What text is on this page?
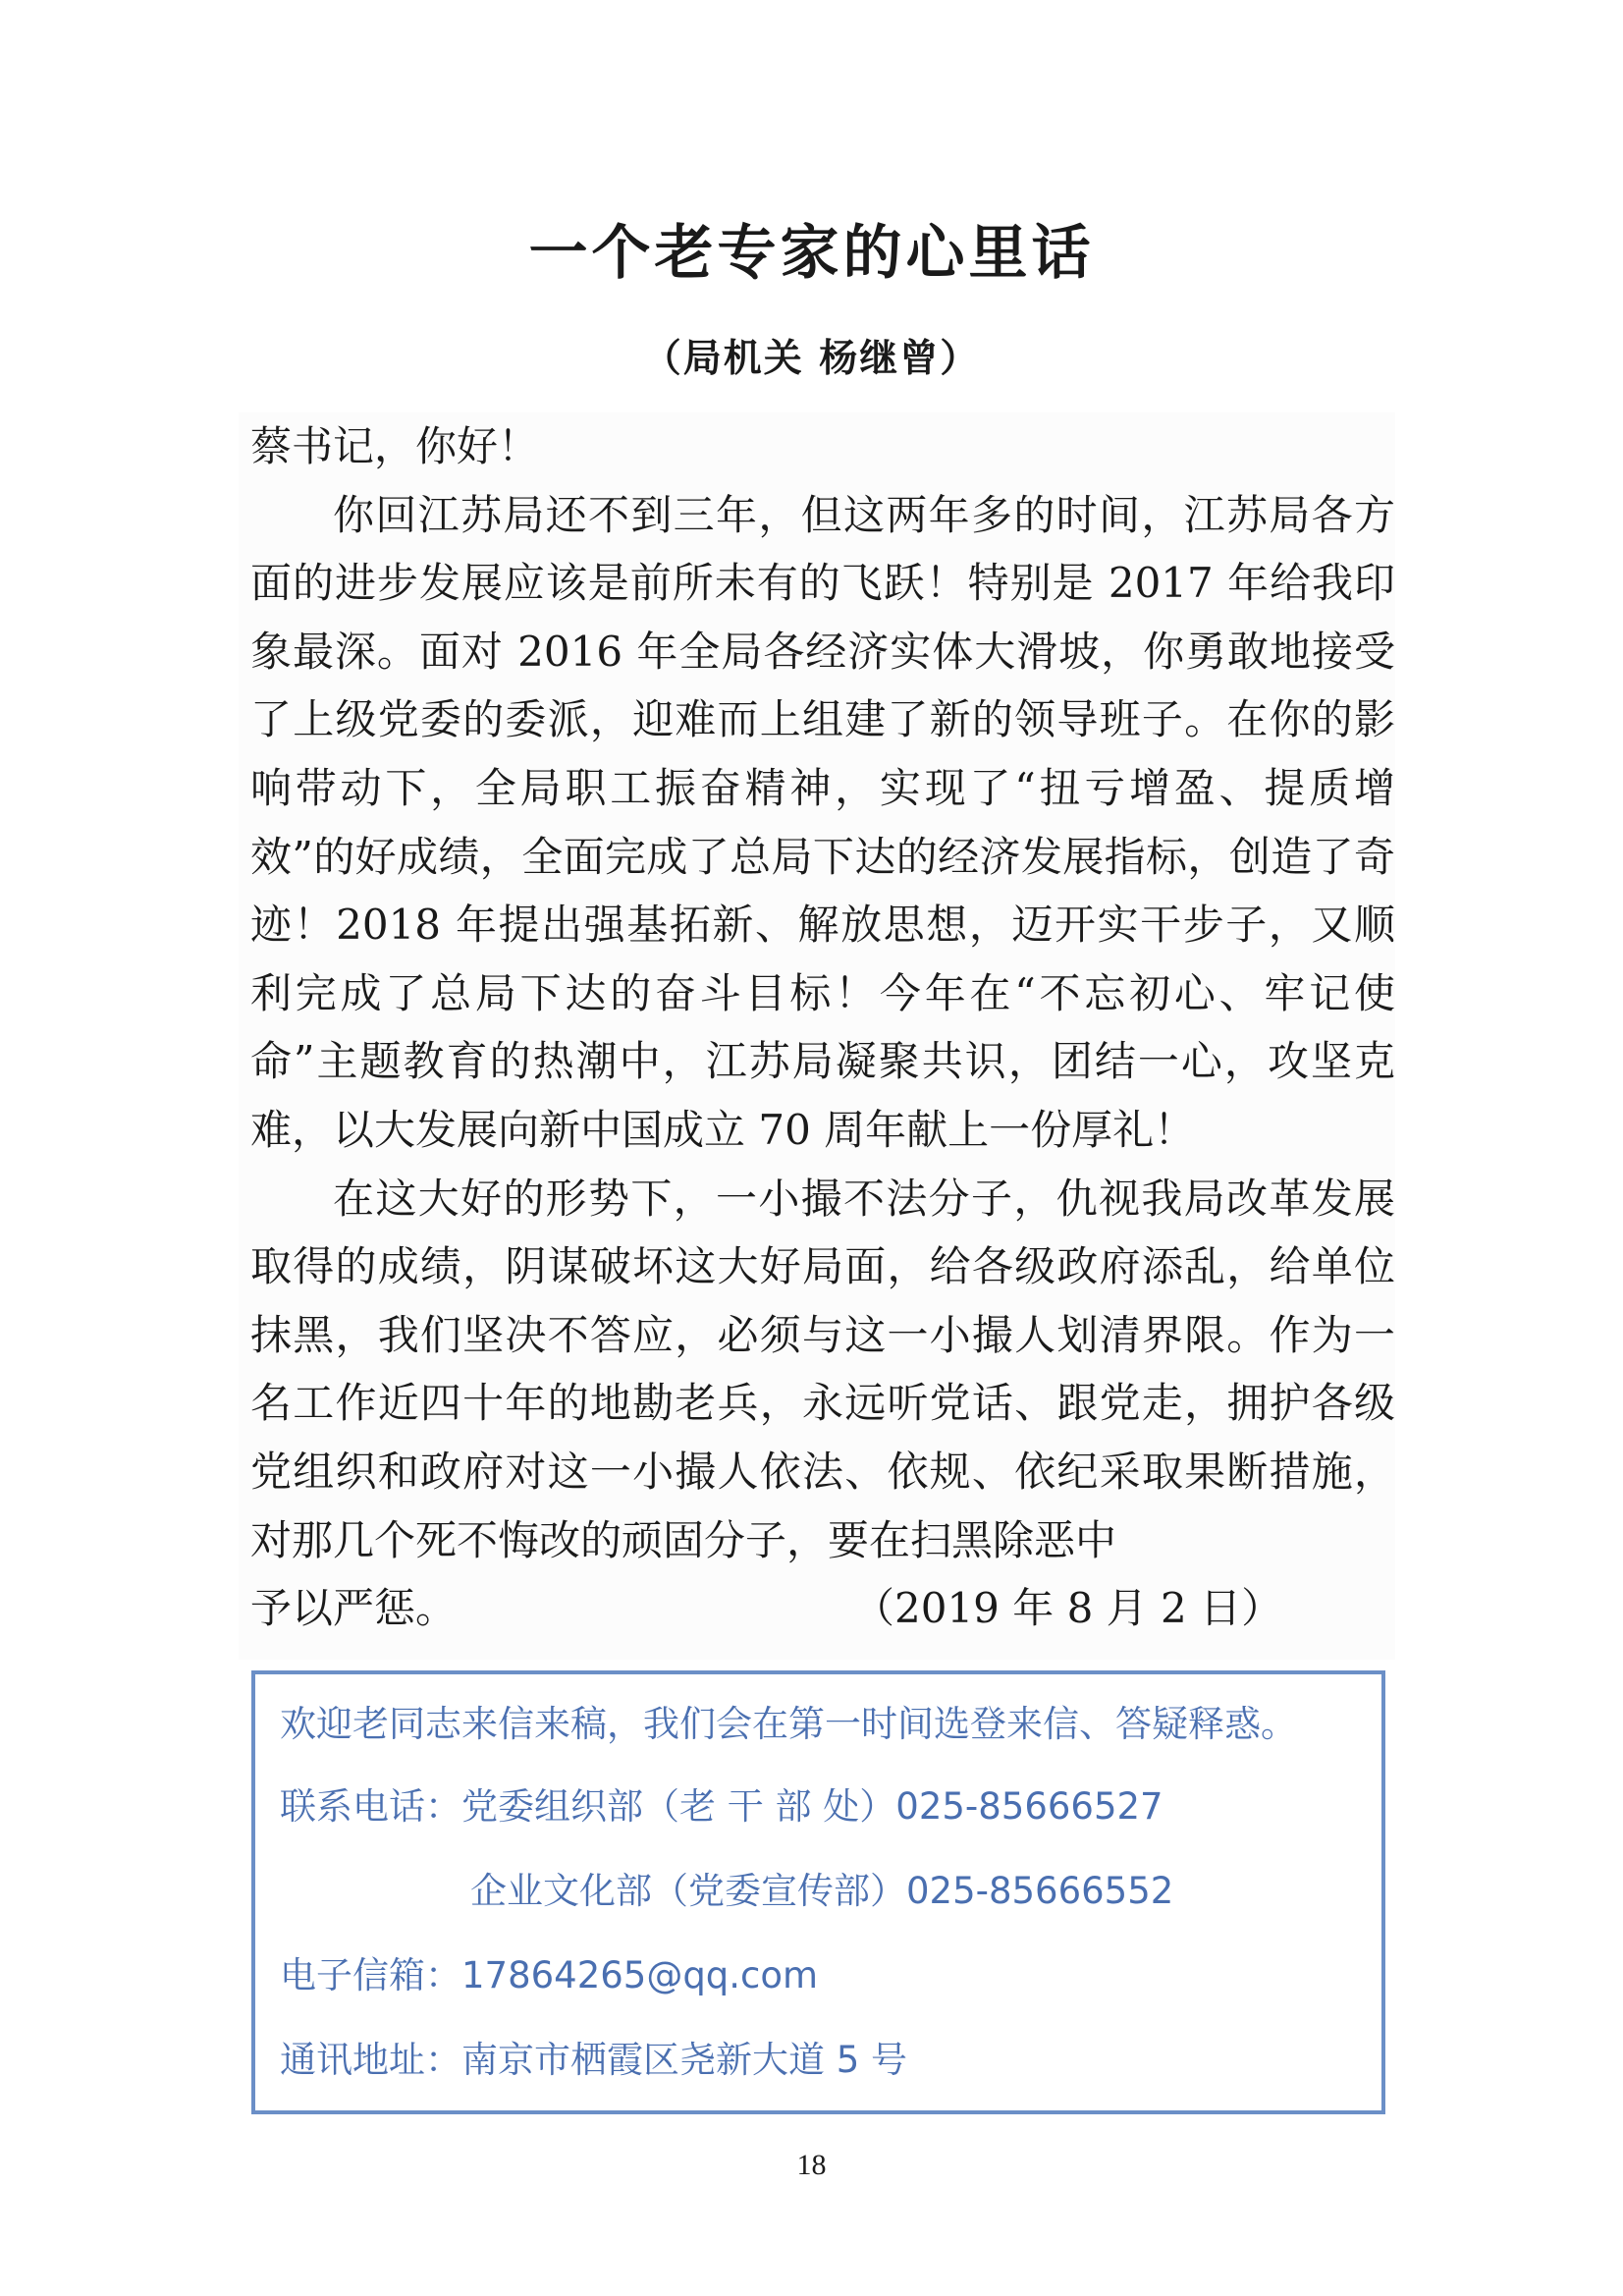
一个老专家的心里话
（局机关 杨继曾）

蔡书记，你好！

你回江苏局还不到三年，但这两年多的时间，江苏局各方面的进步发展应该是前所未有的飞跃！特别是 2017 年给我印象最深。面对 2016 年全局各经济实体大滑坡，你勇敢地接受了上级党委的委派，迎难而上组建了新的领导班子。在你的影响带动下，全局职工振奋精神，实现了“扭亏增盈、提质增效”的好成绩，全面完成了总局下达的经济发展指标，创造了奇迹！2018 年提出强基拓新、解放思想，迈开实干步子，又顺利完成了总局下达的奋斗目标！今年在“不忘初心、牢记使命”主题教育的热潮中，江苏局凝聚共识，团结一心，攻坚克难，以大发展向新中国成立 70 周年献上一份厚礼！

在这大好的形势下，一小撮不法分子，仇视我局改革发展取得的成绩，阴谋破坏这大好局面，给各级政府添乱，给单位抹黑，我们坚决不答应，必须与这一小撮人划清界限。作为一名工作近四十年的地勘老兵，永远听党话、跟党走，拥护各级党组织和政府对这一小撮人依法、依规、依纪采取果断措施，对那几个死不悔改的顽固分子，要在扫黑除恶中

予以严惩。	（2019 年 8 月 2 日）

欢迎老同志来信来稿，我们会在第一时间选登来信、答疑释惑。
联系电话：党委组织部（老 干 部 处）025-85666527
企业文化部（党委宣传部）025-85666552
电子信箱：17864265@qq.com
通讯地址：南京市栖霞区尧新大道 5 号
18
